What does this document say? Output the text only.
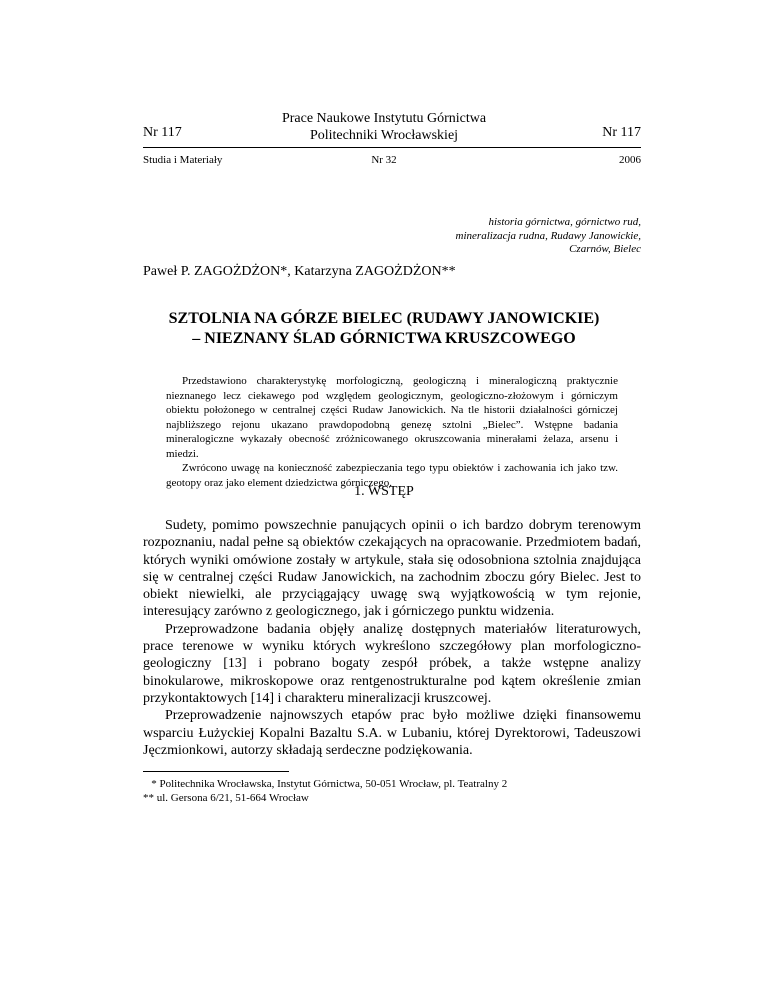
Prace Naukowe Instytutu Górnictwa
Politechniki Wrocławskiej
Nr 117	Nr 117
Studia i Materiały	Nr 32	2006
historia górnictwa, górnictwo rud,
mineralizacja rudna, Rudawy Janowickie,
Czarnów, Bielec
Paweł P. ZAGOŻDŻON*, Katarzyna ZAGOŻDŻON**
SZTOLNIA NA GÓRZE BIELEC (RUDAWY JANOWICKIE)
– NIEZNANY ŚLAD GÓRNICTWA KRUSZCOWEGO

Przedstawiono charakterystykę morfologiczną, geologiczną i mineralogiczną praktycznie nieznanego lecz ciekawego pod względem geologicznym, geologiczno-złożowym i górniczym obiektu położonego w centralnej części Rudaw Janowickich. Na tle historii działalności górniczej najbliższego rejonu ukazano prawdopodobną genezę sztolni „Bielec”. Wstępne badania mineralogiczne wykazały obecność zróżnicowanego okruszcowania minerałami żelaza, arsenu i miedzi.

Zwrócono uwagę na konieczność zabezpieczania tego typu obiektów i zachowania ich jako tzw. geotopy oraz jako element dziedzictwa górniczego.

1. WSTĘP

Sudety, pomimo powszechnie panujących opinii o ich bardzo dobrym terenowym rozpoznaniu, nadal pełne są obiektów czekających na opracowanie. Przedmiotem badań, których wyniki omówione zostały w artykule, stała się odosobniona sztolnia znajdująca się w centralnej części Rudaw Janowickich, na zachodnim zboczu góry Bielec. Jest to obiekt niewielki, ale przyciągający uwagę swą wyjątkowością w tym rejonie, interesujący zarówno z geologicznego, jak i górniczego punktu widzenia.

Przeprowadzone badania objęły analizę dostępnych materiałów literaturowych, prace terenowe w wyniku których wykreślono szczegółowy plan morfologiczno-geologiczny [13] i pobrano bogaty zespół próbek, a także wstępne analizy binokularowe, mikroskopowe oraz rentgenostrukturalne pod kątem określenie zmian przykontaktowych [14] i charakteru mineralizacji kruszcowej.

Przeprowadzenie najnowszych etapów prac było możliwe dzięki finansowemu wsparciu Łużyckiej Kopalni Bazaltu S.A. w Lubaniu, której Dyrektorowi, Tadeuszowi Jęczmionkowi, autorzy składają serdeczne podziękowania.

* Politechnika Wrocławska, Instytut Górnictwa, 50-051 Wrocław, pl. Teatralny 2
** ul. Gersona 6/21, 51-664 Wrocław
